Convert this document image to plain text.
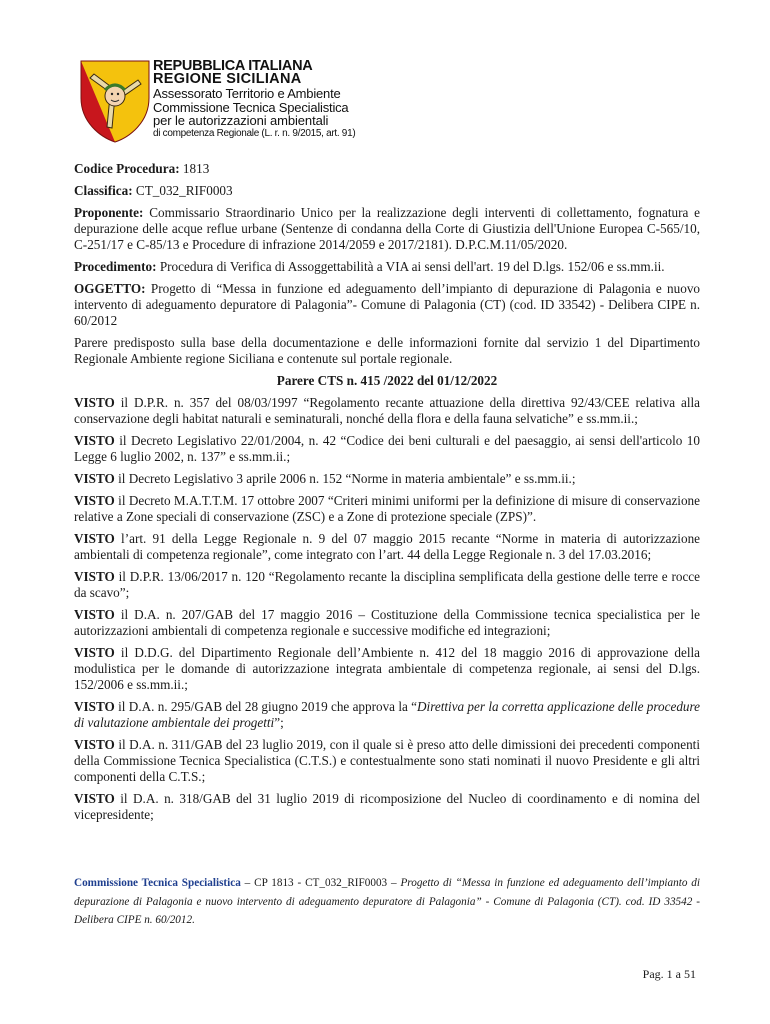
REPUBBLICA ITALIANA
REGIONE SICILIANA
Assessorato Territorio e Ambiente
Commissione Tecnica Specialistica
per le autorizzazioni ambientali
di competenza Regionale (L. r. n. 9/2015, art. 91)

Codice Procedura: 1813

Classifica: CT_032_RIF0003

Proponente: Commissario Straordinario Unico per la realizzazione degli interventi di collettamento, fognatura e depurazione delle acque reflue urbane (Sentenze di condanna della Corte di Giustizia dell'Unione Europea C-565/10, C-251/17 e C-85/13 e Procedure di infrazione 2014/2059 e 2017/2181). D.P.C.M.11/05/2020.

Procedimento: Procedura di Verifica di Assoggettabilità a VIA ai sensi dell'art. 19 del D.lgs. 152/06 e ss.mm.ii.

OGGETTO: Progetto di “Messa in funzione ed adeguamento dell’impianto di depurazione di Palagonia e nuovo intervento di adeguamento depuratore di Palagonia”- Comune di Palagonia (CT) (cod. ID 33542) - Delibera CIPE n. 60/2012

Parere predisposto sulla base della documentazione e delle informazioni fornite dal servizio 1 del Dipartimento Regionale Ambiente regione Siciliana e contenute sul portale regionale.

Parere CTS n. 415 /2022 del 01/12/2022

VISTO il D.P.R. n. 357 del 08/03/1997 “Regolamento recante attuazione della direttiva 92/43/CEE relativa alla conservazione degli habitat naturali e seminaturali, nonché della flora e della fauna selvatiche” e ss.mm.ii.;

VISTO il Decreto Legislativo 22/01/2004, n. 42 “Codice dei beni culturali e del paesaggio, ai sensi dell'articolo 10 Legge 6 luglio 2002, n. 137” e ss.mm.ii.;

VISTO il Decreto Legislativo 3 aprile 2006 n. 152 “Norme in materia ambientale” e ss.mm.ii.;

VISTO il Decreto M.A.T.T.M. 17 ottobre 2007 “Criteri minimi uniformi per la definizione di misure di conservazione relative a Zone speciali di conservazione (ZSC) e a Zone di protezione speciale (ZPS)”.

VISTO l’art. 91 della Legge Regionale n. 9 del 07 maggio 2015 recante “Norme in materia di autorizzazione ambientali di competenza regionale”, come integrato con l’art. 44 della Legge Regionale n. 3 del 17.03.2016;

VISTO il D.P.R. 13/06/2017 n. 120 “Regolamento recante la disciplina semplificata della gestione delle terre e rocce da scavo”;

VISTO il D.A. n. 207/GAB del 17 maggio 2016 – Costituzione della Commissione tecnica specialistica per le autorizzazioni ambientali di competenza regionale e successive modifiche ed integrazioni;

VISTO il D.D.G. del Dipartimento Regionale dell’Ambiente n. 412 del 18 maggio 2016 di approvazione della modulistica per le domande di autorizzazione integrata ambientale di competenza regionale, ai sensi del D.lgs. 152/2006 e ss.mm.ii.;

VISTO il D.A. n. 295/GAB del 28 giugno 2019 che approva la “Direttiva per la corretta applicazione delle procedure di valutazione ambientale dei progetti”;

VISTO il D.A. n. 311/GAB del 23 luglio 2019, con il quale si è preso atto delle dimissioni dei precedenti componenti della Commissione Tecnica Specialistica (C.T.S.) e contestualmente sono stati nominati il nuovo Presidente e gli altri componenti della C.T.S.;

VISTO il D.A. n. 318/GAB del 31 luglio 2019 di ricomposizione del Nucleo di coordinamento e di nomina del vicepresidente;

Commissione Tecnica Specialistica – CP 1813 - CT_032_RIF0003 – Progetto di “Messa in funzione ed adeguamento dell’impianto di depurazione di Palagonia e nuovo intervento di adeguamento depuratore di Palagonia” - Comune di Palagonia (CT). cod. ID 33542 - Delibera CIPE n. 60/2012.
Pag. 1 a 51
